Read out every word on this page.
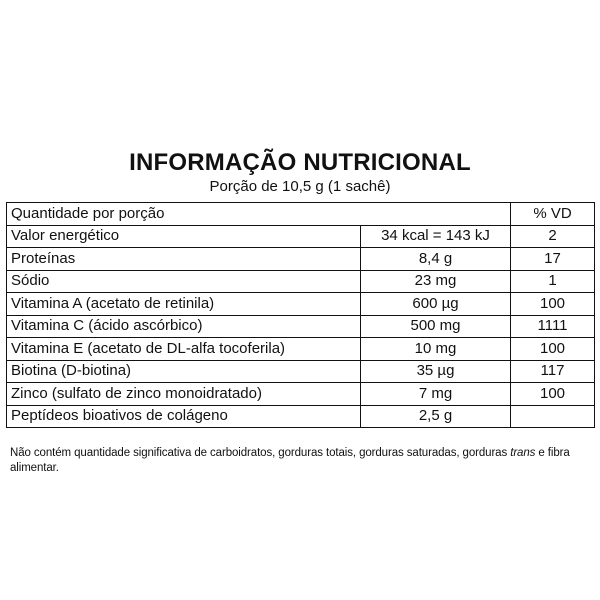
INFORMAÇÃO NUTRICIONAL
Porção de 10,5 g (1 sachê)
Quantidade por porção		% VD
Valor energético	34 kcal = 143 kJ	2
Proteínas	8,4 g	17
Sódio	23 mg	1
Vitamina A (acetato de retinila)	600 µg	100
Vitamina C (ácido ascórbico)	500 mg	1111
Vitamina E (acetato de DL-alfa tocoferila)	10 mg	100
Biotina (D-biotina)	35 µg	117
Zinco (sulfato de zinco monoidratado)	7 mg	100
Peptídeos bioativos de colágeno	2,5 g	
Não contém quantidade significativa de carboidratos, gorduras totais, gorduras saturadas, gorduras trans e fibra alimentar.
